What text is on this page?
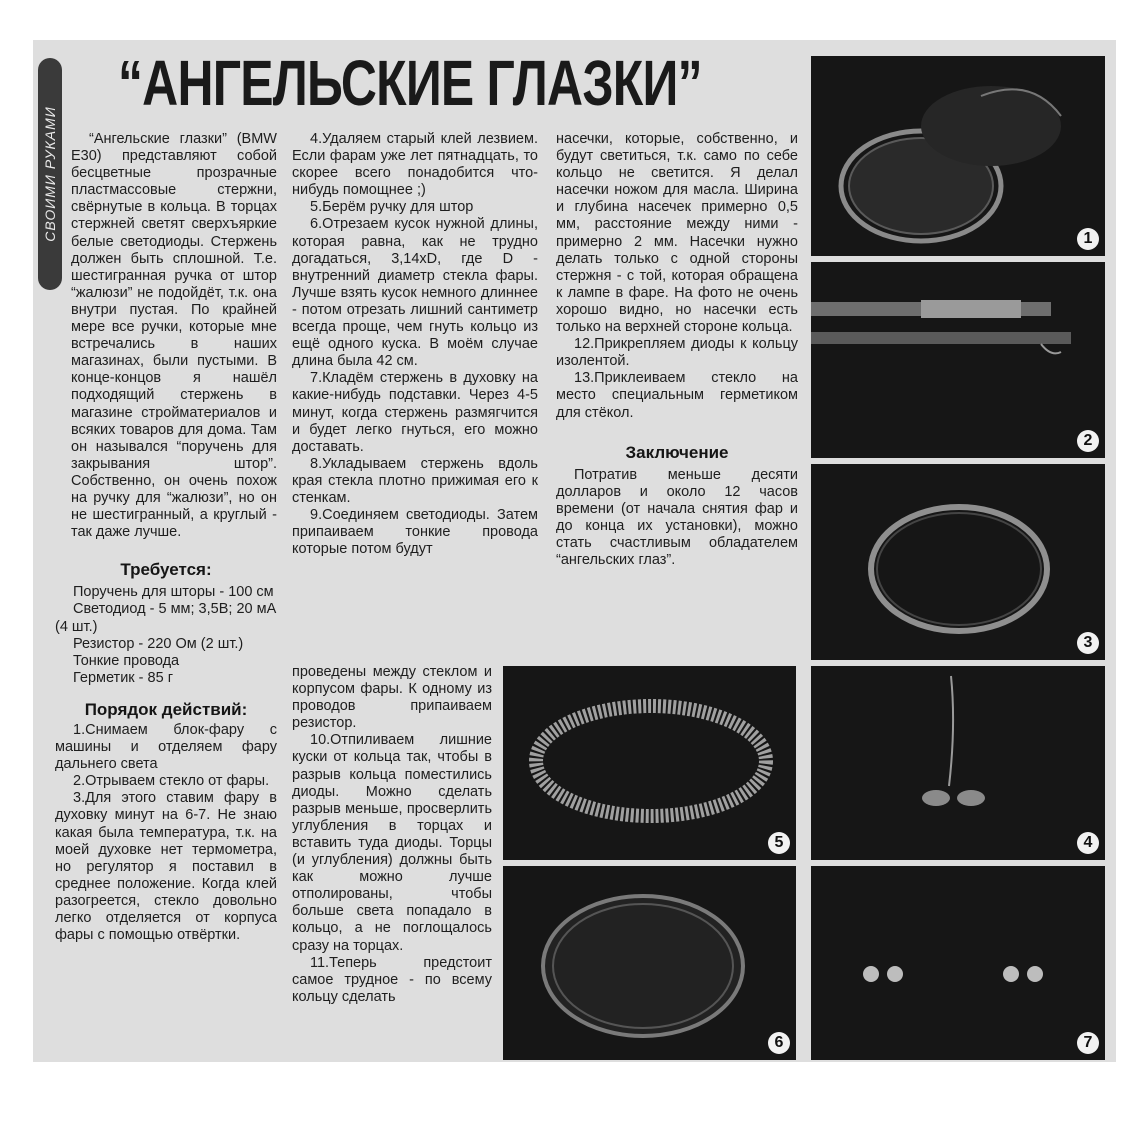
СВОИМИ РУКАМИ
“АНГЕЛЬСКИЕ ГЛАЗКИ”

“Ангельские глазки” (BMW E30) представляют собой бесцветные прозрачные пластмассовые стержни, свёрнутые в кольца. В торцах стержней светят сверхъяркие белые светодиоды. Стержень должен быть сплошной. Т.е. шестигранная ручка от штор “жалюзи” не подойдёт, т.к. она внутри пустая. По крайней мере все ручки, которые мне встречались в наших магазинах, были пустыми. В конце-концов я нашёл подходящий стержень в магазине стройматериалов и всяких товаров для дома. Там он назывался “поручень для закрывания штор”. Собственно, он очень похож на ручку для “жалюзи”, но он не шестигранный, а круглый - так даже лучше.

Требуется:
Поручень для шторы - 100 см
Светодиод - 5 мм; 3,5В; 20 мА (4 шт.)
Резистор - 220 Ом (2 шт.)
Тонкие провода
Герметик - 85 г
Порядок действий:

1.Снимаем блок-фару с машины и отделяем фару дальнего света

2.Отрываем стекло от фары.

3.Для этого ставим фару в духовку минут на 6-7. Не знаю какая была температура, т.к. на моей духовке нет термометра, но регулятор я поставил в среднее положение. Когда клей разогреется, стекло довольно легко отделяется от корпуса фары с помощью отвёртки.

4.Удаляем старый клей лезвием. Если фарам уже лет пятнадцать, то скорее всего понадобится что-нибудь помощнее ;)

5.Берём ручку для штор

6.Отрезаем кусок нужной длины, которая равна, как не трудно догадаться, 3,14xD, где D - внутренний диаметр стекла фары. Лучше взять кусок немного длиннее - потом отрезать лишний сантиметр всегда проще, чем гнуть кольцо из ещё одного куска. В моём случае длина была 42 см.

7.Кладём стержень в духовку на какие-нибудь подставки. Через 4-5 минут, когда стержень размягчится и будет легко гнуться, его можно доставать.

8.Укладываем стержень вдоль края стекла плотно прижимая его к стенкам.

9.Соединяем светодиоды. Затем припаиваем тонкие провода которые потом будут

проведены между стеклом и корпусом фары. К одному из проводов припаиваем резистор.

10.Отпиливаем лишние куски от кольца так, чтобы в разрыв кольца поместились диоды. Можно сделать разрыв меньше, просверлить углубления в торцах и вставить туда диоды. Торцы (и углубления) должны быть как можно лучше отполированы, чтобы больше света попадало в кольцо, а не поглощалось сразу на торцах.

11.Теперь предстоит самое трудное - по всему кольцу сделать

насечки, которые, собственно, и будут светиться, т.к. само по себе кольцо не светится. Я делал насечки ножом для масла. Ширина и глубина насечек примерно 0,5 мм, расстояние между ними - примерно 2 мм. Насечки нужно делать только с одной стороны стержня - с той, которая обращена к лампе в фаре. На фото не очень хорошо видно, но насечки есть только на верхней стороне кольца.

12.Прикрепляем диоды к кольцу изолентой.

13.Приклеиваем стекло на место специальным герметиком для стёкол.

Заключение

Потратив меньше десяти долларов и около 12 часов времени (от начала снятия фар и до конца их установки), можно стать счастливым обладателем “ангельских глаз”.

1
2
3
4
5
6	7
